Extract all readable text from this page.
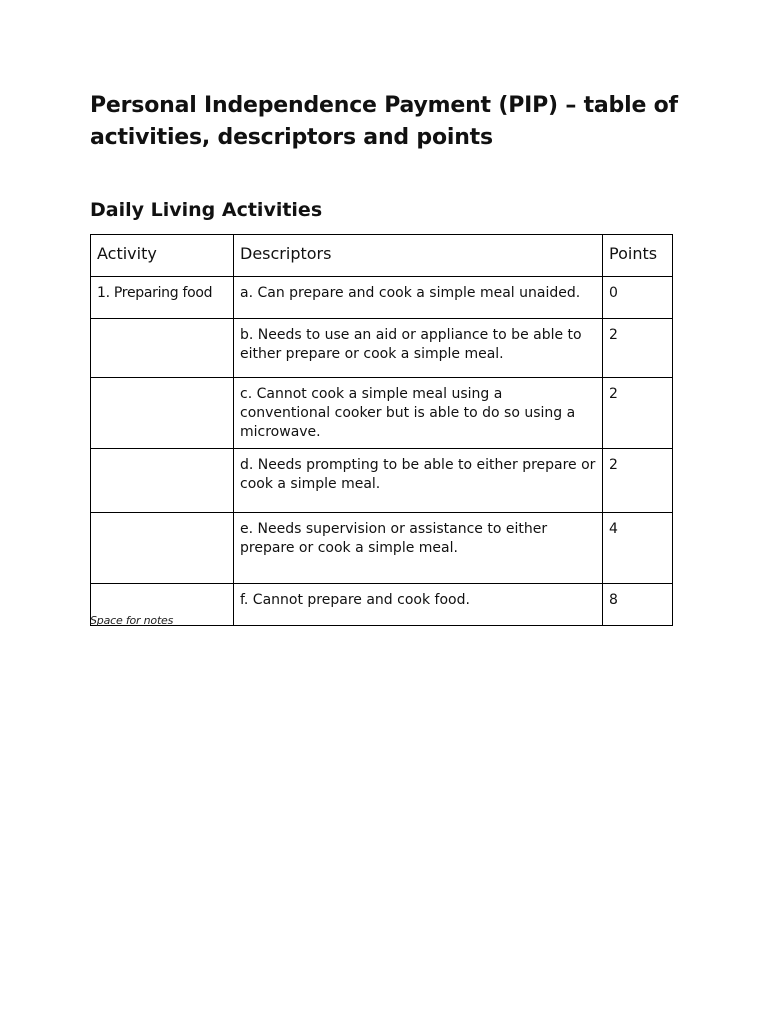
Personal Independence Payment (PIP) – table of activities, descriptors and points
Daily Living Activities
Activity	Descriptors	Points
1. Preparing food	a. Can prepare and cook a simple meal unaided.	0
	b. Needs to use an aid or appliance to be able to either prepare or cook a simple meal.	2
	c. Cannot cook a simple meal using a conventional cooker but is able to do so using a microwave.	2
	d. Needs prompting to be able to either prepare or cook a simple meal.	2
	e. Needs supervision or assistance to either prepare or cook a simple meal.	4
	f. Cannot prepare and cook food.	8

Space for notes
